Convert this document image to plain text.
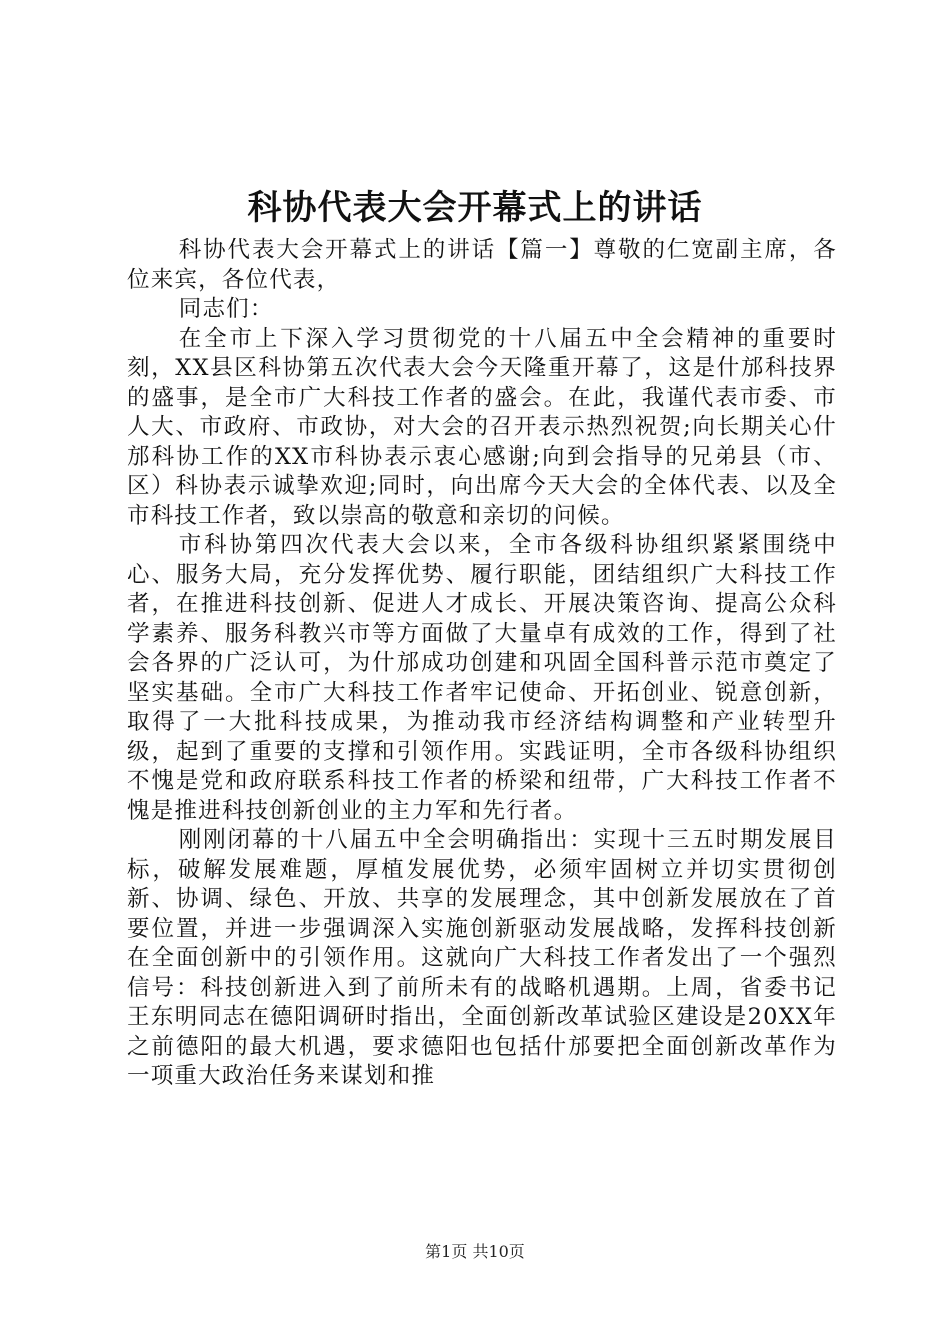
科协代表大会开幕式上的讲话

科协代表大会开幕式上的讲话【篇一】尊敬的仁宽副主席，各位来宾，各位代表，

同志们：

在全市上下深入学习贯彻党的十八届五中全会精神的重要时刻，XX县区科协第五次代表大会今天隆重开幕了，这是什邡科技界的盛事，是全市广大科技工作者的盛会。在此，我谨代表市委、市人大、市政府、市政协，对大会的召开表示热烈祝贺;向长期关心什邡科协工作的XX市科协表示衷心感谢;向到会指导的兄弟县（市、区）科协表示诚挚欢迎;同时，向出席今天大会的全体代表、以及全市科技工作者，致以崇高的敬意和亲切的问候。

市科协第四次代表大会以来，全市各级科协组织紧紧围绕中心、服务大局，充分发挥优势、履行职能，团结组织广大科技工作者，在推进科技创新、促进人才成长、开展决策咨询、提高公众科学素养、服务科教兴市等方面做了大量卓有成效的工作，得到了社会各界的广泛认可，为什邡成功创建和巩固全国科普示范市奠定了坚实基础。全市广大科技工作者牢记使命、开拓创业、锐意创新，取得了一大批科技成果，为推动我市经济结构调整和产业转型升级，起到了重要的支撑和引领作用。实践证明，全市各级科协组织不愧是党和政府联系科技工作者的桥梁和纽带，广大科技工作者不愧是推进科技创新创业的主力军和先行者。

刚刚闭幕的十八届五中全会明确指出：实现十三五时期发展目标，破解发展难题，厚植发展优势，必须牢固树立并切实贯彻创新、协调、绿色、开放、共享的发展理念，其中创新发展放在了首要位置，并进一步强调深入实施创新驱动发展战略，发挥科技创新在全面创新中的引领作用。这就向广大科技工作者发出了一个强烈信号：科技创新进入到了前所未有的战略机遇期。上周，省委书记王东明同志在德阳调研时指出，全面创新改革试验区建设是20XX年之前德阳的最大机遇，要求德阳也包括什邡要把全面创新改革作为一项重大政治任务来谋划和推

第1页 共10页
